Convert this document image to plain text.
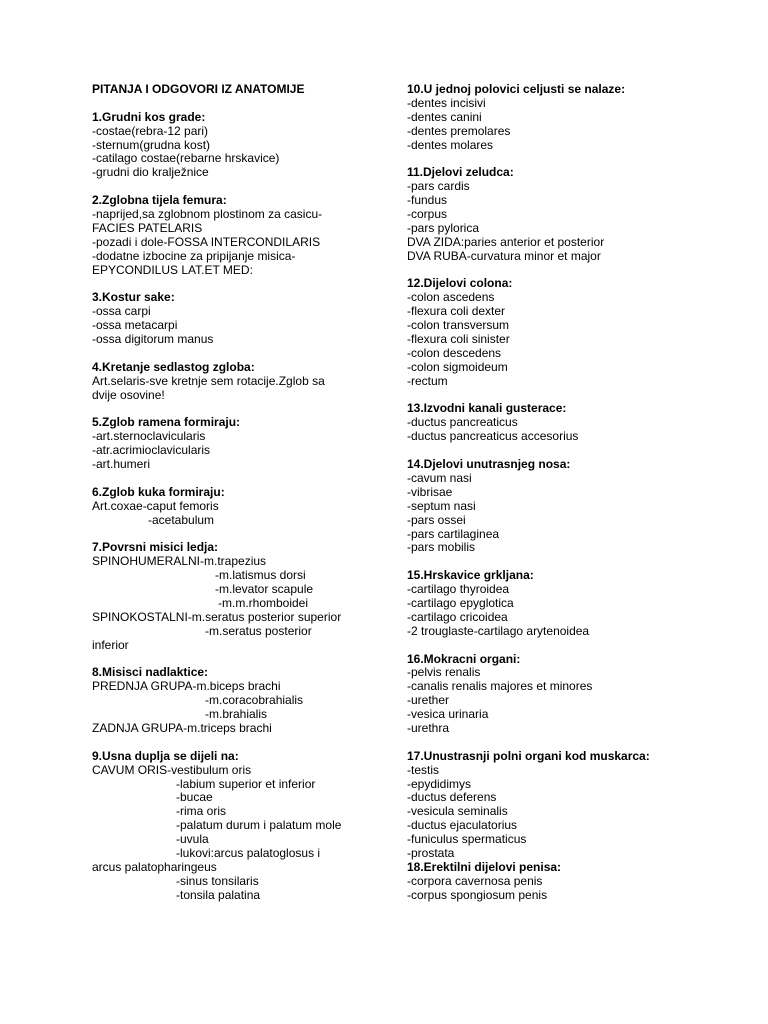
PITANJA I ODGOVORI IZ ANATOMIJE
1.Grudni kos grade:
-costae(rebra-12 pari)
-sternum(grudna kost)
-catilago costae(rebarne hrskavice)
-grudni dio kralježnice
2.Zglobna tijela femura:
-naprijed,sa zglobnom plostinom za casicu-
FACIES PATELARIS
-pozadi i dole-FOSSA INTERCONDILARIS
-dodatne izbocine za pripijanje misica-
EPYCONDILUS LAT.ET MED:
3.Kostur sake:
-ossa carpi
-ossa metacarpi
-ossa digitorum manus
4.Kretanje sedlastog zgloba:
Art.selaris-sve kretnje sem rotacije.Zglob sa
dvije osovine!
5.Zglob ramena formiraju:
-art.sternoclavicularis
-atr.acrimioclavicularis
-art.humeri
6.Zglob kuka formiraju:
Art.coxae-caput femoris
-acetabulum
7.Povrsni misici ledja:
SPINOHUMERALNI-m.trapezius
-m.latismus dorsi
-m.levator scapule
-m.m.rhomboidei
SPINOKOSTALNI-m.seratus posterior superior
-m.seratus posterior
inferior
8.Misisci nadlaktice:
PREDNJA GRUPA-m.biceps brachi
-m.coracobrahialis
-m.brahialis
ZADNJA GRUPA-m.triceps brachi
9.Usna duplja se dijeli na:
CAVUM ORIS-vestibulum oris
-labium superior et inferior
-bucae
-rima oris
-palatum durum i palatum mole
-uvula
-lukovi:arcus palatoglosus i
arcus palatopharingeus
-sinus tonsilaris
-tonsila palatina
10.U jednoj polovici celjusti se nalaze:
-dentes incisivi
-dentes canini
-dentes premolares
-dentes molares
11.Djelovi zeludca:
-pars cardis
-fundus
-corpus
-pars pylorica
DVA ZIDA:paries anterior et posterior
DVA RUBA-curvatura minor et major
12.Dijelovi colona:
-colon ascedens
-flexura coli dexter
-colon transversum
-flexura coli sinister
-colon descedens
-colon sigmoideum
-rectum
13.Izvodni kanali gusterace:
-ductus pancreaticus
-ductus pancreaticus accesorius
14.Djelovi unutrasnjeg nosa:
-cavum nasi
-vibrisae
-septum nasi
-pars ossei
-pars cartilaginea
-pars mobilis
15.Hrskavice grkljana:
-cartilago thyroidea
-cartilago epyglotica
-cartilago cricoidea
-2 trouglaste-cartilago arytenoidea
16.Mokracni organi:
-pelvis renalis
-canalis renalis majores et minores
-urether
-vesica urinaria
-urethra
17.Unustrasnji polni organi kod muskarca:
-testis
-epydidimys
-ductus deferens
-vesicula seminalis
-ductus ejaculatorius
-funiculus spermaticus
-prostata
18.Erektilni dijelovi penisa:
-corpora cavernosa penis
-corpus spongiosum penis
